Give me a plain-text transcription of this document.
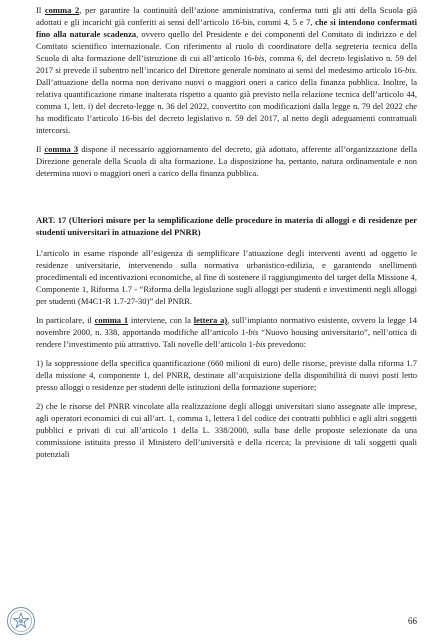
Il comma 2, per garantire la continuità dell’azione amministrativa, conferma tutti gli atti della Scuola già adottati e gli incarichi già conferiti ai sensi dell’articolo 16-bis, commi 4, 5 e 7, che si intendono confermati fino alla naturale scadenza, ovvero quello del Presidente e dei componenti del Comitato di indirizzo e del Comitato scientifico internazionale. Con riferimento al ruolo di coordinatore della segreteria tecnica della Scuola di alta formazione dell’istruzione di cui all’articolo 16-bis, comma 6, del decreto legislativo n. 59 del 2017 si prevede il subentro nell’incarico del Direttore generale nominato ai sensi del medesimo articolo 16-bis. Dall’attuazione della norma non derivano nuovi o maggiori oneri a carico della finanza pubblica. Inoltre, la relativa quantificazione rimane inalterata rispetto a quanto già previsto nella relazione tecnica dell’articolo 44, comma 1, lett. i) del decreto-legge n. 36 del 2022, convertito con modificazioni dalla legge n. 79 del 2022 che ha modificato l’articolo 16-bis del decreto legislativo n. 59 del 2017, al netto degli adeguamenti contrattuali intercorsi.

Il comma 3 dispone il necessario aggiornamento del decreto, già adottato, afferente all’organizzazione della Direzione generale della Scuola di alta formazione. La disposizione ha, pertanto, natura ordinamentale e non determina nuovi o maggiori oneri a carico della finanza pubblica.

ART. 17 (Ulteriori misure per la semplificazione delle procedure in materia di alloggi e di residenze per studenti universitari in attuazione del PNRR)

L’articolo in esame risponde all’esigenza di semplificare l’attuazione degli interventi aventi ad oggetto le residenze universitarie, intervenendo sulla normativa urbanistico-edilizia, e garantendo snellimenti procedimentali ed incentivazioni economiche, al fine di sostenere il raggiungimento del target della Missione 4, Componente 1, Riforma 1.7 - “Riforma della legislazione sugli alloggi per studenti e investimenti negli alloggi per studenti (M4C1-R 1.7-27-30)” del PNRR.

In particolare, il comma 1 interviene, con la lettera a), sull’impianto normativo esistente, ovvero la legge 14 novembre 2000, n. 338, apportando modifiche all’articolo 1-bis “Nuovo housing universitario”, nell’ottica di rendere l’investimento più attrattivo. Tali novelle dell’articolo 1-bis prevedono:

1) la soppressione della specifica quantificazione (660 milioni di euro) delle risorse, previste dalla riforma 1.7 della missione 4, componente 1, del PNRR, destinate all’acquisizione della disponibilità di nuovi posti letto presso alloggi o residenze per studenti delle istituzioni della formazione superiore;

2) che le risorse del PNRR vincolate alla realizzazione degli alloggi universitari siano assegnate alle imprese, agli operatori economici di cui all’art. 1, comma 1, lettera l del codice dei contratti pubblici e agli altri soggetti pubblici e privati di cui all’articolo 1 della L. 338/2000, sulla base delle proposte selezionate da una commissione istituita presso il Ministero dell’università e della ricerca; la previsione di tali soggetti quali potenziali

66
